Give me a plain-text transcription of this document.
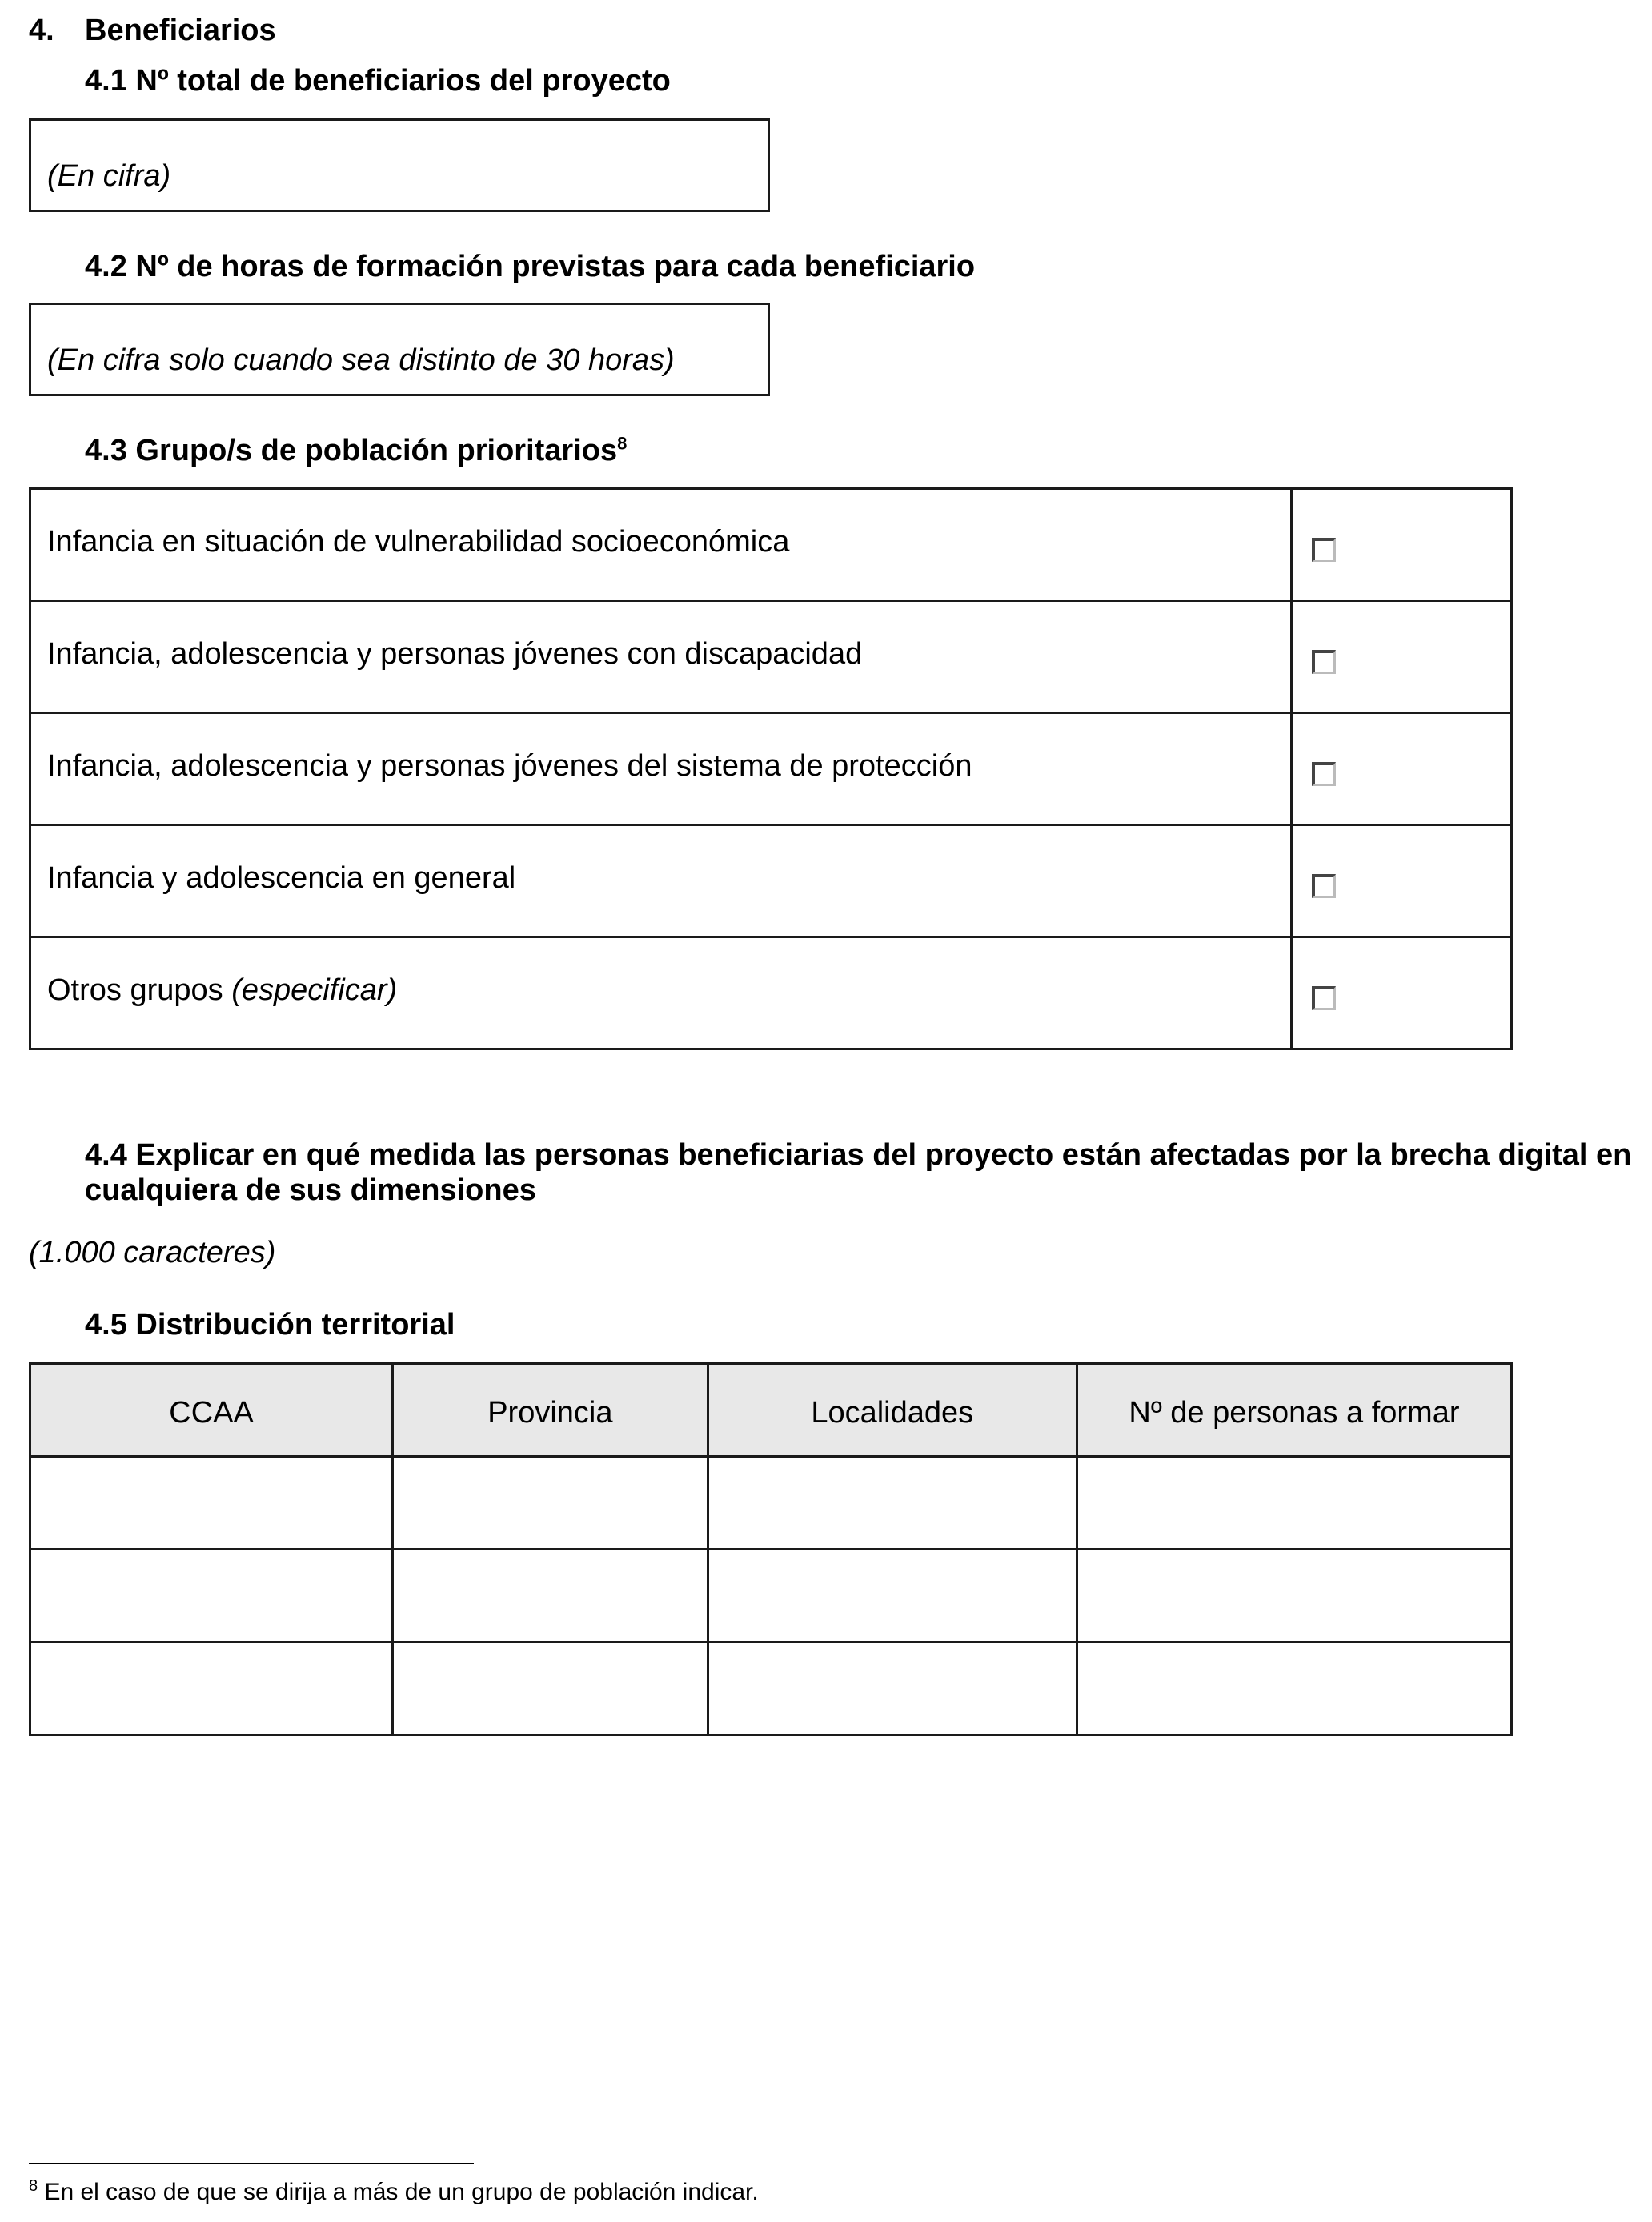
4. Beneficiarios
4.1 Nº total de beneficiarios del proyecto
(En cifra)
4.2 Nº de horas de formación previstas para cada beneficiario
(En cifra solo cuando sea distinto de 30 horas)
4.3 Grupo/s de población prioritarios$^8$
Infancia en situación de vulnerabilidad socioeconómica	

Infancia, adolescencia y personas jóvenes con discapacidad	

Infancia, adolescencia y personas jóvenes del sistema de protección	

Infancia y adolescencia en general	

Otros grupos (especificar)	
4.4 Explicar en qué medida las personas beneficiarias del proyecto están afectadas por la brecha digital en
cualquiera de sus dimensiones
(1.000 caracteres)
4.5 Distribución territorial
CCAA	Provincia	Localidades	Nº de personas a formar

$^8$ En el caso de que se dirija a más de un grupo de población indicar.
